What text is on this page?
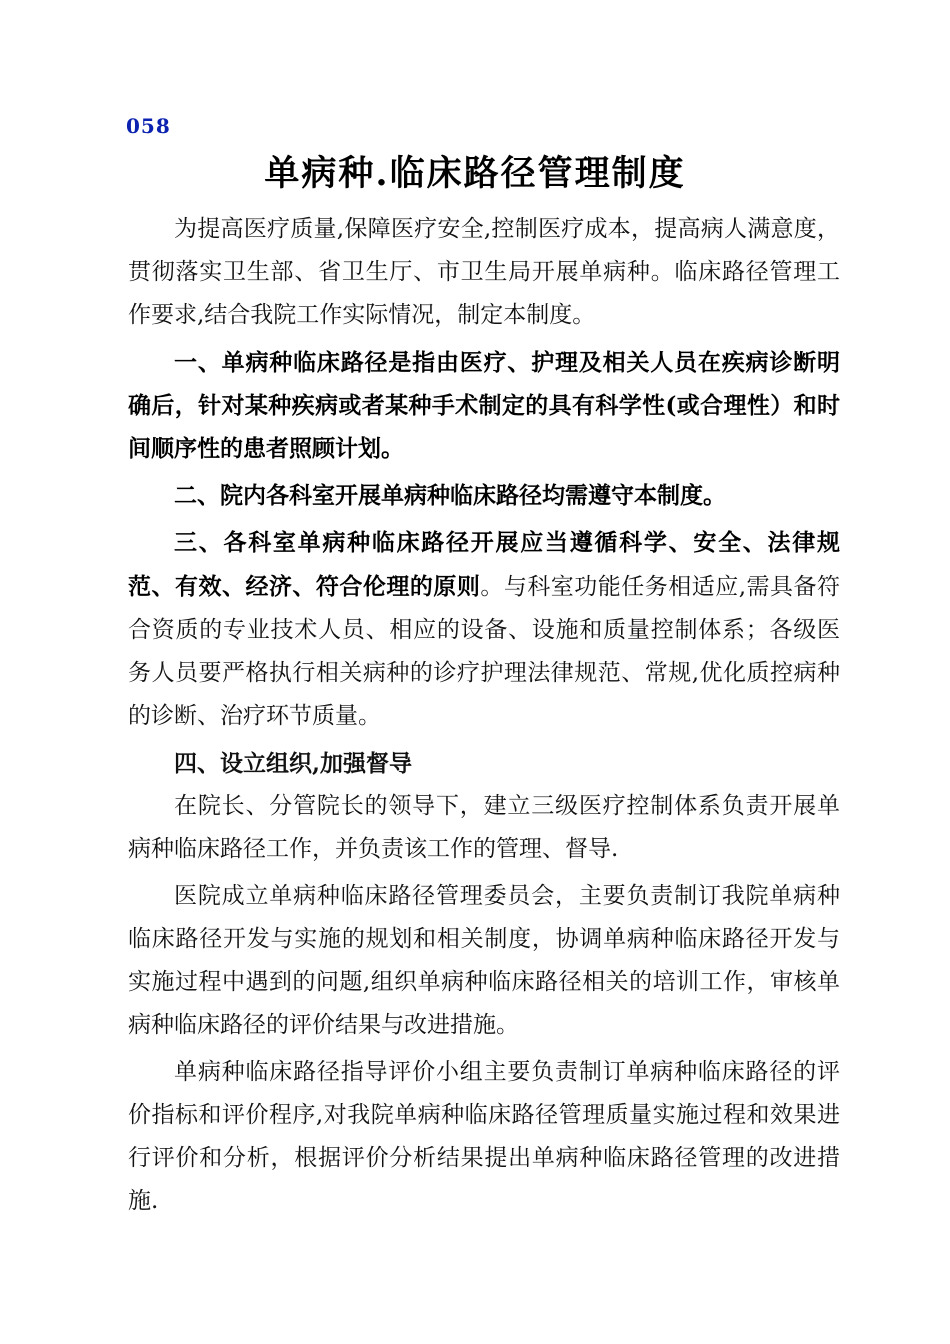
058
单病种.临床路径管理制度

为提高医疗质量,保障医疗安全,控制医疗成本，提高病人满意度，贯彻落实卫生部、省卫生厅、市卫生局开展单病种。临床路径管理工作要求,结合我院工作实际情况，制定本制度。

一、单病种临床路径是指由医疗、护理及相关人员在疾病诊断明确后，针对某种疾病或者某种手术制定的具有科学性(或合理性）和时间顺序性的患者照顾计划。

二、院内各科室开展单病种临床路径均需遵守本制度。

三、各科室单病种临床路径开展应当遵循科学、安全、法律规范、有效、经济、符合伦理的原则。与科室功能任务相适应,需具备符合资质的专业技术人员、相应的设备、设施和质量控制体系；各级医务人员要严格执行相关病种的诊疗护理法律规范、常规,优化质控病种的诊断、治疗环节质量。

四、设立组织,加强督导

在院长、分管院长的领导下，建立三级医疗控制体系负责开展单病种临床路径工作，并负责该工作的管理、督导.

医院成立单病种临床路径管理委员会，主要负责制订我院单病种临床路径开发与实施的规划和相关制度，协调单病种临床路径开发与实施过程中遇到的问题,组织单病种临床路径相关的培训工作，审核单病种临床路径的评价结果与改进措施。

单病种临床路径指导评价小组主要负责制订单病种临床路径的评价指标和评价程序,对我院单病种临床路径管理质量实施过程和效果进行评价和分析，根据评价分析结果提出单病种临床路径管理的改进措施.
